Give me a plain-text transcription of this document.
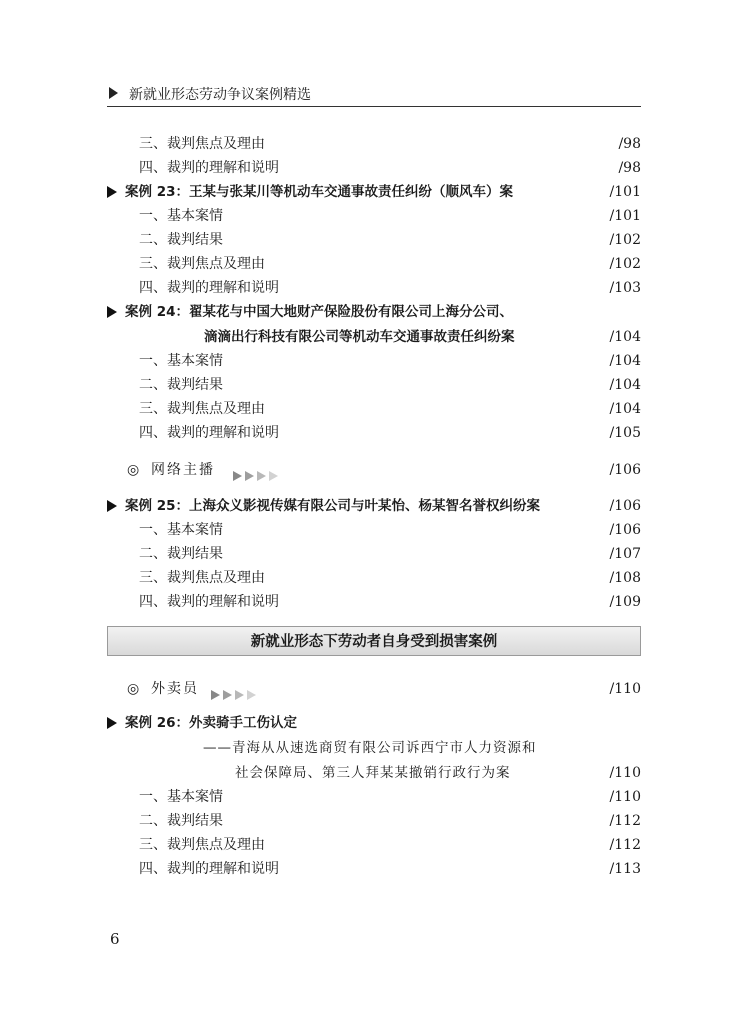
新就业形态劳动争议案例精选
三、裁判焦点及理由	/98
四、裁判的理解和说明	/98
案例 23：王某与张某川等机动车交通事故责任纠纷（顺风车）案	/101
一、基本案情	/101
二、裁判结果	/102
三、裁判焦点及理由	/102
四、裁判的理解和说明	/103
案例 24：翟某花与中国大地财产保险股份有限公司上海分公司、
滴滴出行科技有限公司等机动车交通事故责任纠纷案	/104
一、基本案情	/104
二、裁判结果	/104
三、裁判焦点及理由	/104
四、裁判的理解和说明	/105
◎ 网络主播	/106
案例 25：上海众义影视传媒有限公司与叶某怡、杨某智名誉权纠纷案	/106
一、基本案情	/106
二、裁判结果	/107
三、裁判焦点及理由	/108
四、裁判的理解和说明	/109
新就业形态下劳动者自身受到损害案例
◎ 外卖员	/110
案例 26：外卖骑手工伤认定
——青海从从速选商贸有限公司诉西宁市人力资源和
社会保障局、第三人拜某某撤销行政行为案	/110
一、基本案情	/110
二、裁判结果	/112
三、裁判焦点及理由	/112
四、裁判的理解和说明	/113
6
